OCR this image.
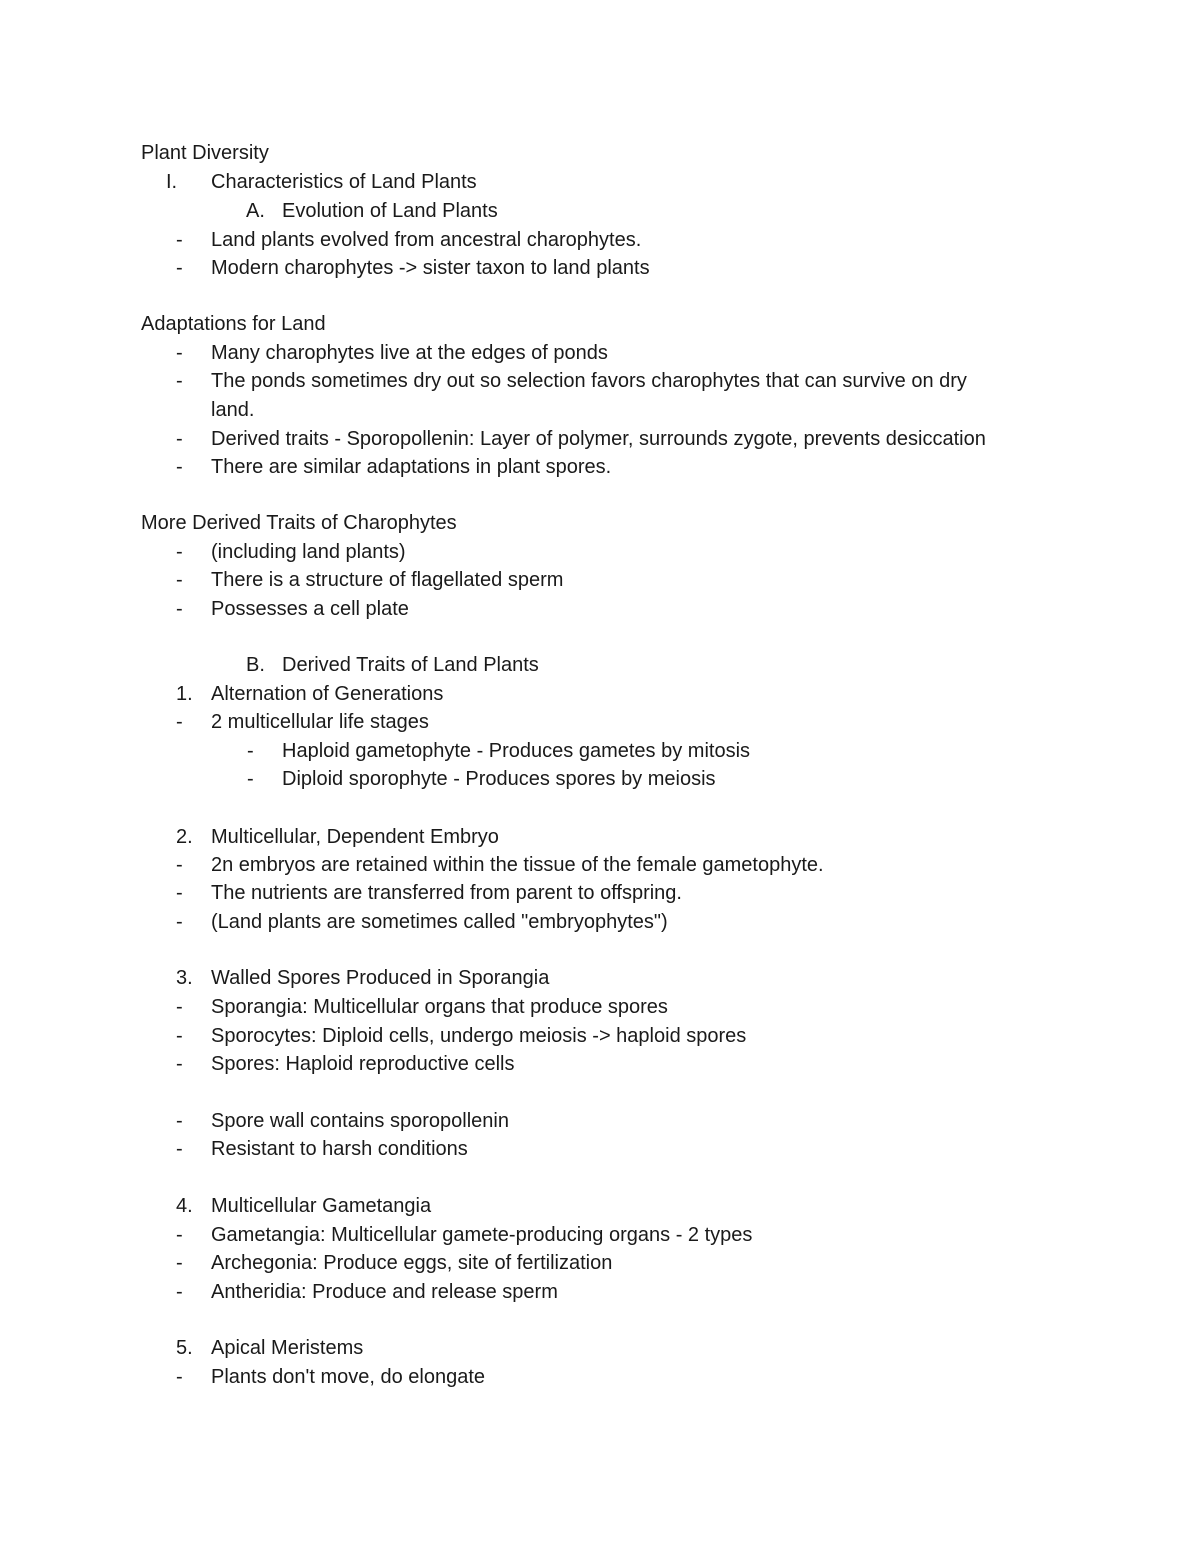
Plant Diversity
I. Characteristics of Land Plants
A. Evolution of Land Plants
- Land plants evolved from ancestral charophytes.
- Modern charophytes -> sister taxon to land plants
Adaptations for Land
- Many charophytes live at the edges of ponds
- The ponds sometimes dry out so selection favors charophytes that can survive on dry
land.
- Derived traits - Sporopollenin: Layer of polymer, surrounds zygote, prevents desiccation
- There are similar adaptations in plant spores.
More Derived Traits of Charophytes
- (including land plants)
- There is a structure of flagellated sperm
- Possesses a cell plate
B. Derived Traits of Land Plants
1. Alternation of Generations
- 2 multicellular life stages
- Haploid gametophyte - Produces gametes by mitosis
- Diploid sporophyte - Produces spores by meiosis
2. Multicellular, Dependent Embryo
- 2n embryos are retained within the tissue of the female gametophyte.
- The nutrients are transferred from parent to offspring.
- (Land plants are sometimes called "embryophytes")
3. Walled Spores Produced in Sporangia
- Sporangia: Multicellular organs that produce spores
- Sporocytes: Diploid cells, undergo meiosis -> haploid spores
- Spores: Haploid reproductive cells
- Spore wall contains sporopollenin
- Resistant to harsh conditions
4. Multicellular Gametangia
- Gametangia: Multicellular gamete-producing organs - 2 types
- Archegonia: Produce eggs, site of fertilization
- Antheridia: Produce and release sperm
5. Apical Meristems
- Plants don't move, do elongate
